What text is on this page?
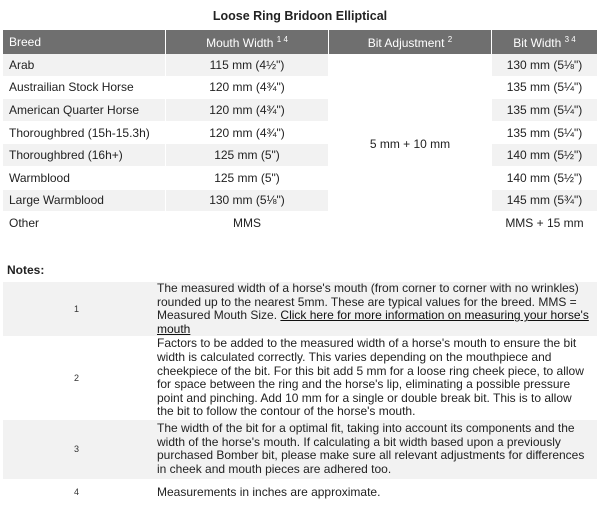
Loose Ring Bridoon Elliptical
Breed	Mouth Width $^{1 4}$	Bit Adjustment $^2$	Bit Width $^{3 4}$
Arab	115 mm (4½")	5 mm + 10 mm	130 mm (5⅛")
Austrailian Stock Horse	120 mm (4¾")		135 mm (5¼")
American Quarter Horse	120 mm (4¾")		135 mm (5¼")
Thoroughbred (15h-15.3h)	120 mm (4¾")		135 mm (5¼")
Thoroughbred (16h+)	125 mm (5")		140 mm (5½")
Warmblood	125 mm (5")		140 mm (5½")
Large Warmblood	130 mm (5⅛")		145 mm (5¾")
Other	MMS		MMS + 15 mm
Notes:
1	The measured width of a horse's mouth (from corner to corner with no wrinkles) rounded up to the nearest 5mm. These are typical values for the breed. MMS = Measured Mouth Size. Click here for more information on measuring your horse's mouth
2	Factors to be added to the measured width of a horse's mouth to ensure the bit width is calculated correctly. This varies depending on the mouthpiece and cheekpiece of the bit. For this bit add 5 mm for a loose ring cheek piece, to allow for space between the ring and the horse's lip, eliminating a possible pressure point and pinching. Add 10 mm for a single or double break bit. This is to allow the bit to follow the contour of the horse's mouth.
3	The width of the bit for a optimal fit, taking into account its components and the width of the horse's mouth. If calculating a bit width based upon a previously purchased Bomber bit, please make sure all relevant adjustments for differences in cheek and mouth pieces are adhered too.
4	Measurements in inches are approximate.
